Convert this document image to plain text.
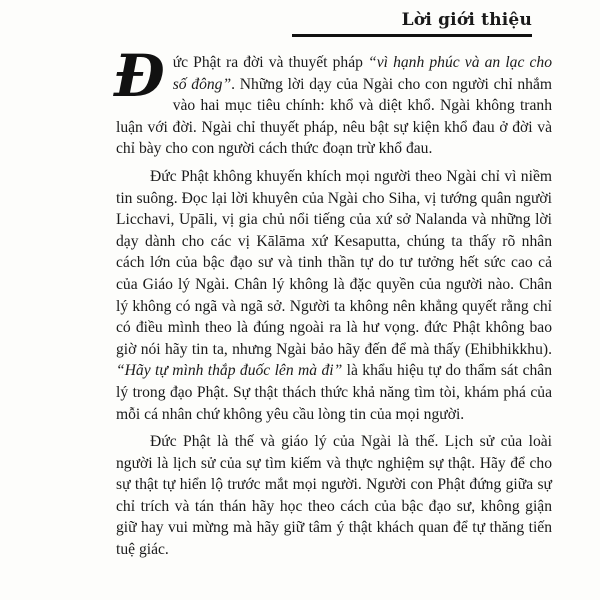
Lời giới thiệu

Đức Phật ra đời và thuyết pháp “vì hạnh phúc và an lạc cho số đông”. Những lời dạy của Ngài cho con người chỉ nhắm vào hai mục tiêu chính: khổ và diệt khổ. Ngài không tranh luận với đời. Ngài chỉ thuyết pháp, nêu bật sự kiện khổ đau ở đời và chỉ bày cho con người cách thức đoạn trừ khổ đau.

Đức Phật không khuyến khích mọi người theo Ngài chỉ vì niềm tin suông. Đọc lại lời khuyên của Ngài cho Siha, vị tướng quân người Licchavi, Upāli, vị gia chủ nổi tiếng của xứ sở Nalanda và những lời dạy dành cho các vị Kālāma xứ Kesaputta, chúng ta thấy rõ nhân cách lớn của bậc đạo sư và tinh thần tự do tư tưởng hết sức cao cả của Giáo lý Ngài. Chân lý không là đặc quyền của người nào. Chân lý không có ngã và ngã sở. Người ta không nên khẳng quyết rằng chỉ có điều mình theo là đúng ngoài ra là hư vọng. đức Phật không bao giờ nói hãy tin ta, nhưng Ngài bảo hãy đến để mà thấy (Ehibhikkhu). “Hãy tự mình thắp đuốc lên mà đi” là khẩu hiệu tự do thẩm sát chân lý trong đạo Phật. Sự thật thách thức khả năng tìm tòi, khám phá của mỗi cá nhân chứ không yêu cầu lòng tin của mọi người.

Đức Phật là thế và giáo lý của Ngài là thế. Lịch sử của loài người là lịch sử của sự tìm kiếm và thực nghiệm sự thật. Hãy để cho sự thật tự hiển lộ trước mắt mọi người. Người con Phật đứng giữa sự chỉ trích và tán thán hãy học theo cách của bậc đạo sư, không giận giữ hay vui mừng mà hãy giữ tâm ý thật khách quan để tự thăng tiến tuệ giác.
